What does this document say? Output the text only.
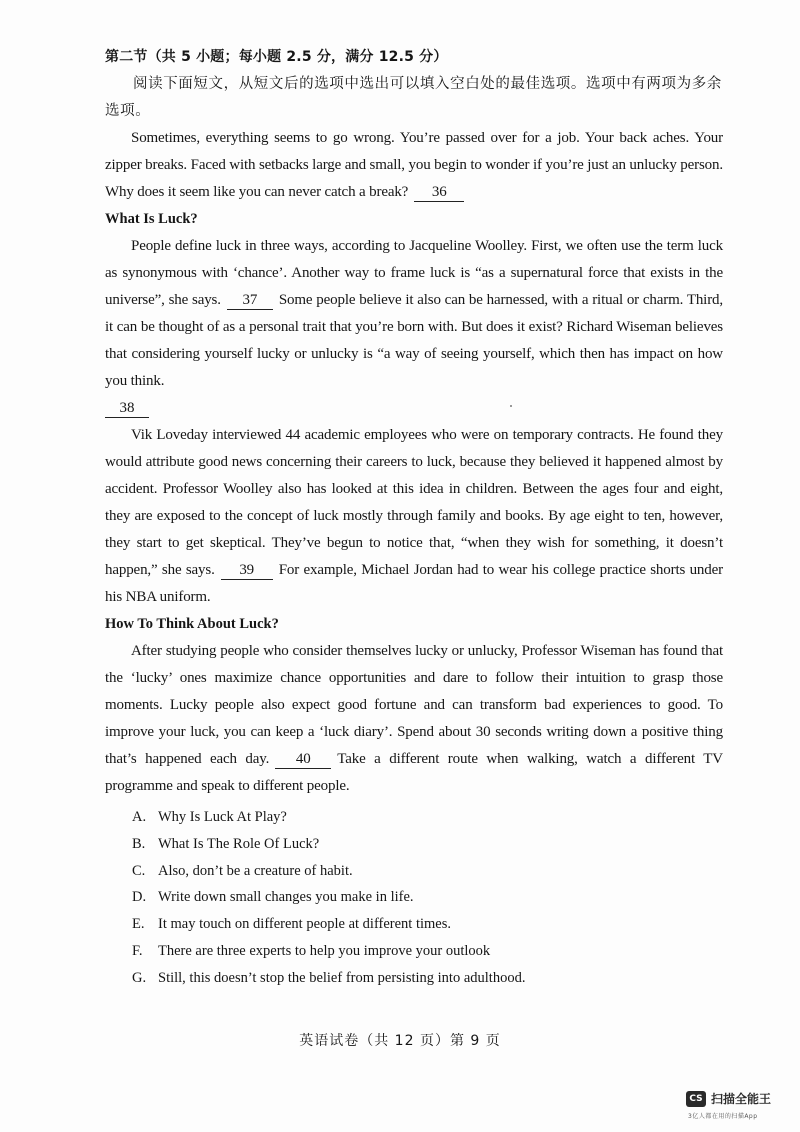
第二节（共 5 小题；每小题 2.5 分，满分 12.5 分）
阅读下面短文，从短文后的选项中选出可以填入空白处的最佳选项。选项中有两项为多余选项。
Sometimes, everything seems to go wrong. You’re passed over for a job. Your back aches. Your zipper breaks. Faced with setbacks large and small, you begin to wonder if you’re just an unlucky person. Why does it seem like you can never catch a break? 36
What Is Luck?
People define luck in three ways, according to Jacqueline Woolley. First, we often use the term luck as synonymous with ‘chance’. Another way to frame luck is “as a supernatural force that exists in the universe”, she says. 37 Some people believe it also can be harnessed, with a ritual or charm. Third, it can be thought of as a personal trait that you’re born with. But does it exist? Richard Wiseman believes that considering yourself lucky or unlucky is “a way of seeing yourself, which then has impact on how you think.
38
Vik Loveday interviewed 44 academic employees who were on temporary contracts. He found they would attribute good news concerning their careers to luck, because they believed it happened almost by accident. Professor Woolley also has looked at this idea in children. Between the ages four and eight, they are exposed to the concept of luck mostly through family and books. By age eight to ten, however, they start to get skeptical. They’ve begun to notice that, “when they wish for something, it doesn’t happen,” she says. 39 For example, Michael Jordan had to wear his college practice shorts under his NBA uniform.
How To Think About Luck?
After studying people who consider themselves lucky or unlucky, Professor Wiseman has found that the ‘lucky’ ones maximize chance opportunities and dare to follow their intuition to grasp those moments. Lucky people also expect good fortune and can transform bad experiences to good. To improve your luck, you can keep a ‘luck diary’. Spend about 30 seconds writing down a positive thing that’s happened each day. 40 Take a different route when walking, watch a different TV programme and speak to different people.
A. Why Is Luck At Play?
B. What Is The Role Of Luck?
C. Also, don’t be a creature of habit.
D. Write down small changes you make in life.
E. It may touch on different people at different times.
F.	There are three experts to help you improve your outlook
G. Still, this doesn’t stop the belief from persisting into adulthood.
英语试卷（共 12 页）第 9 页
CS 扫描全能王
3亿人都在用的扫描App
